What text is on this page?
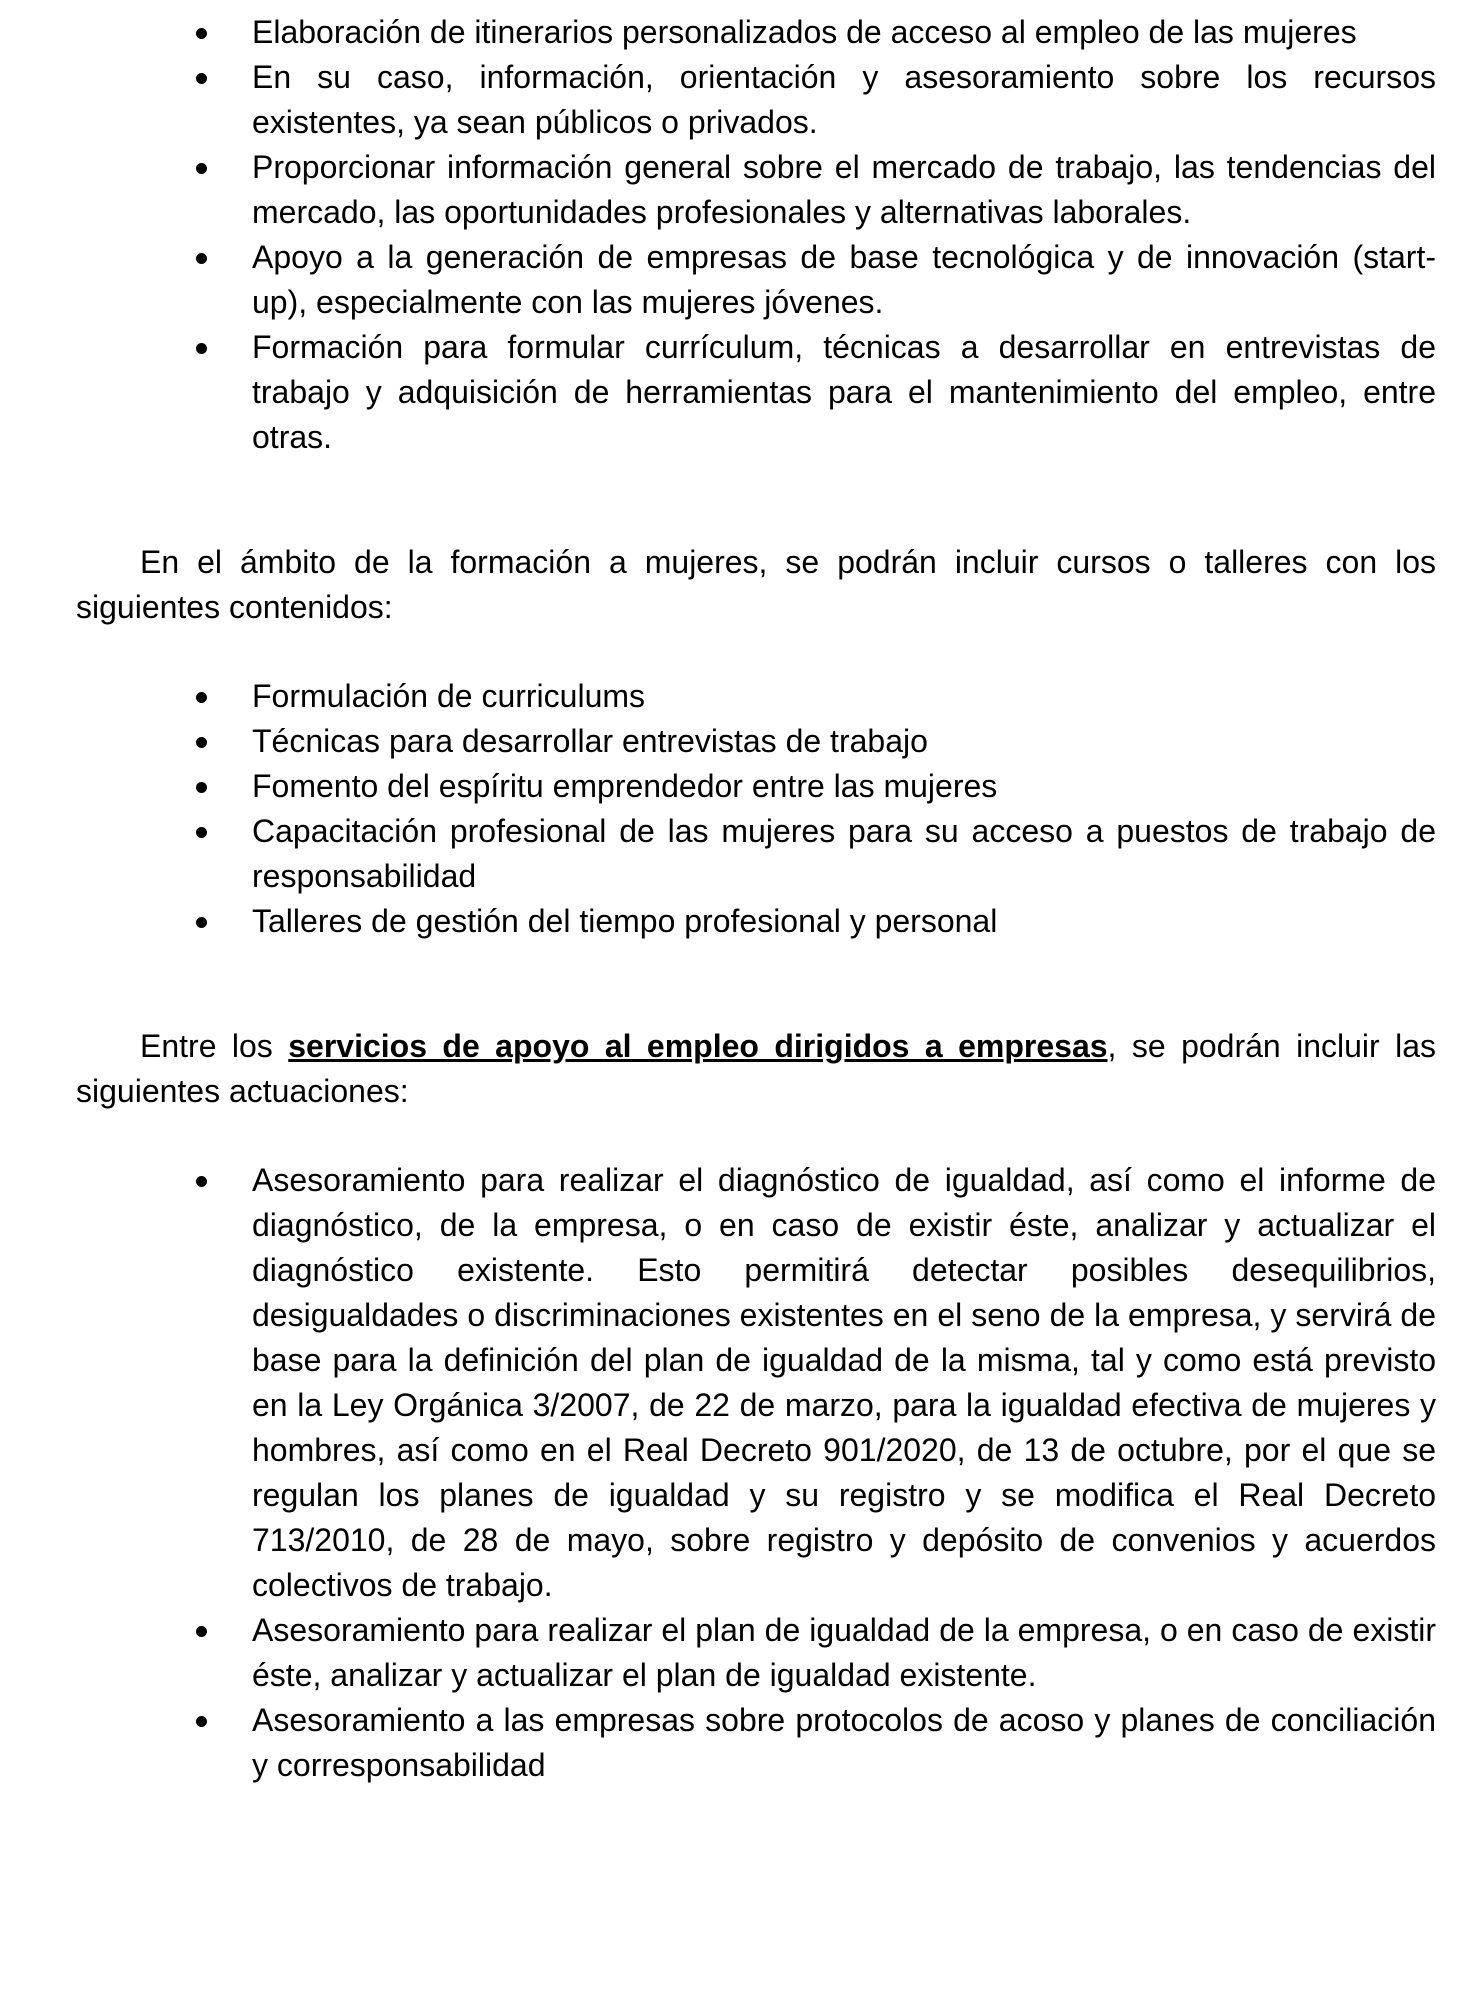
Elaboración de itinerarios personalizados de acceso al empleo de las mujeres
En su caso, información, orientación y asesoramiento sobre los recursos existentes, ya sean públicos o privados.
Proporcionar información general sobre el mercado de trabajo, las tendencias del mercado, las oportunidades profesionales y alternativas laborales.
Apoyo a la generación de empresas de base tecnológica y de innovación (start-up), especialmente con las mujeres jóvenes.
Formación para formular currículum, técnicas a desarrollar en entrevistas de trabajo y adquisición de herramientas para el mantenimiento del empleo, entre otras.

En el ámbito de la formación a mujeres, se podrán incluir cursos o talleres con los siguientes contenidos:

Formulación de curriculums
Técnicas para desarrollar entrevistas de trabajo
Fomento del espíritu emprendedor entre las mujeres
Capacitación profesional de las mujeres para su acceso a puestos de trabajo de responsabilidad
Talleres de gestión del tiempo profesional y personal

Entre los servicios de apoyo al empleo dirigidos a empresas, se podrán incluir las siguientes actuaciones:

Asesoramiento para realizar el diagnóstico de igualdad, así como el informe de diagnóstico, de la empresa, o en caso de existir éste, analizar y actualizar el diagnóstico existente. Esto permitirá detectar posibles desequilibrios, desigualdades o discriminaciones existentes en el seno de la empresa, y servirá de base para la definición del plan de igualdad de la misma, tal y como está previsto en la Ley Orgánica 3/2007, de 22 de marzo, para la igualdad efectiva de mujeres y hombres, así como en el Real Decreto 901/2020, de 13 de octubre, por el que se regulan los planes de igualdad y su registro y se modifica el Real Decreto 713/2010, de 28 de mayo, sobre registro y depósito de convenios y acuerdos colectivos de trabajo.
Asesoramiento para realizar el plan de igualdad de la empresa, o en caso de existir éste, analizar y actualizar el plan de igualdad existente.
Asesoramiento a las empresas sobre protocolos de acoso y planes de conciliación y corresponsabilidad
